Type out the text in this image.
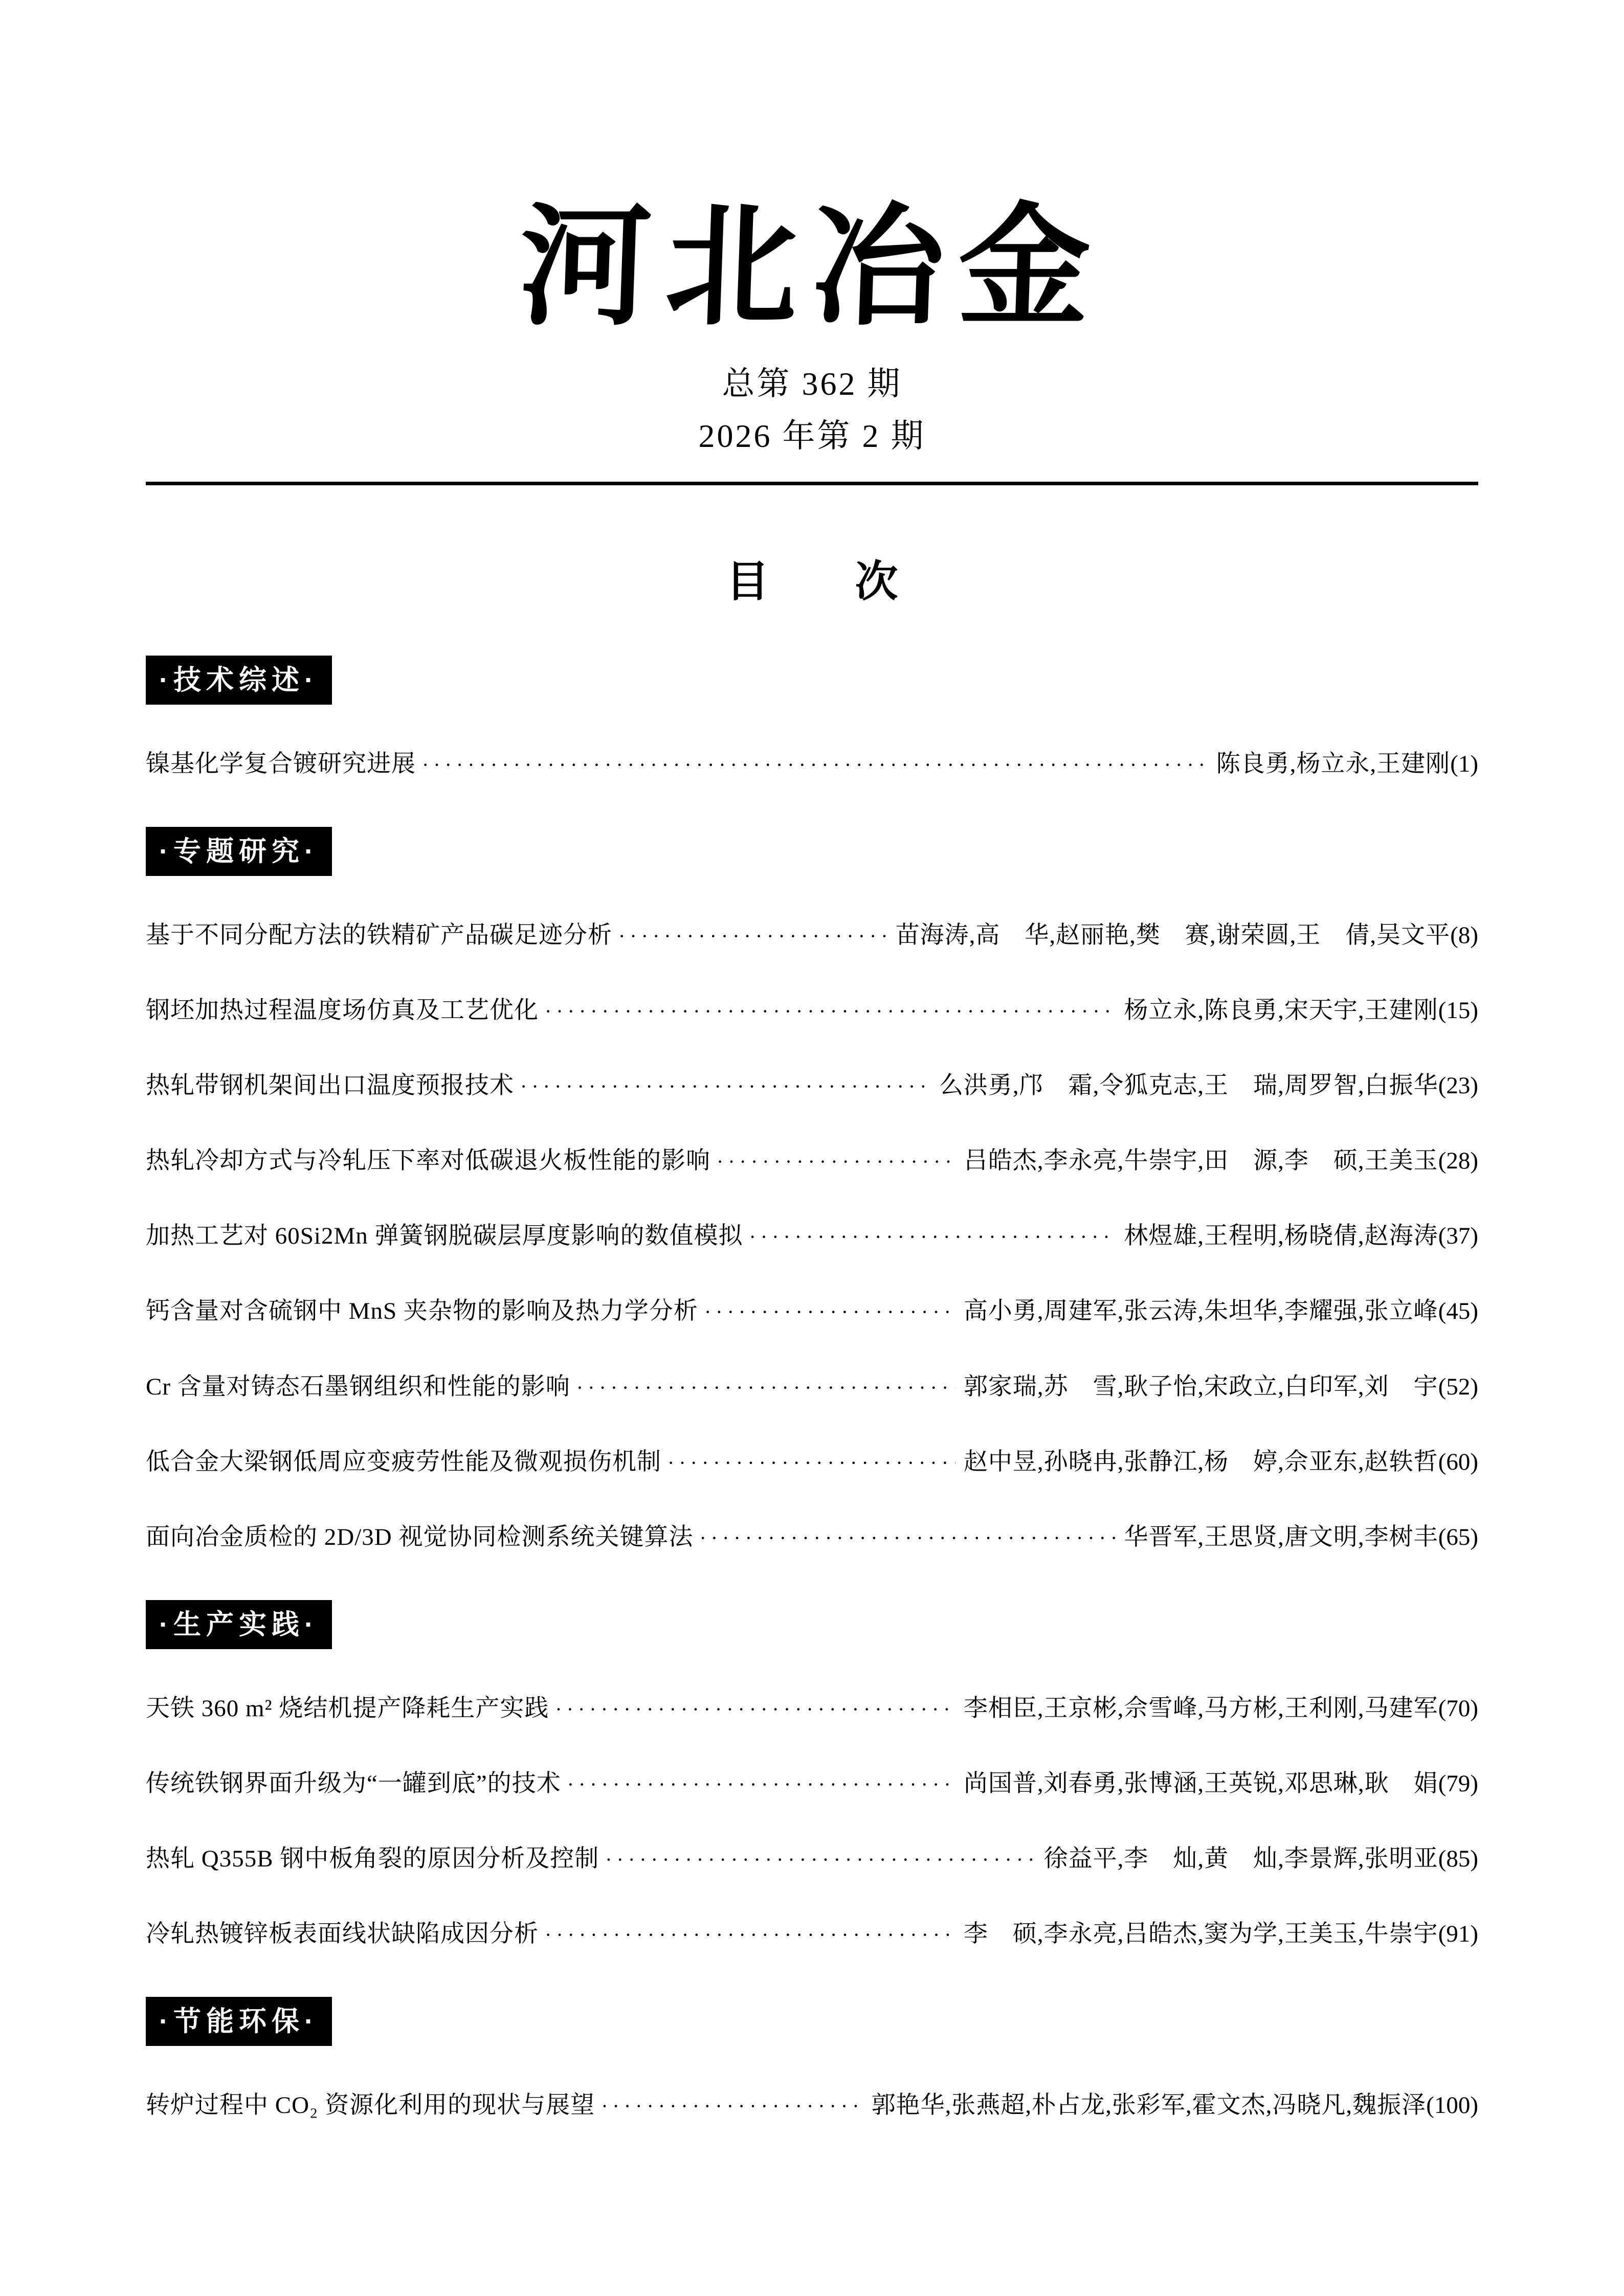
河北冶金
总第 362 期
2026 年第 2 期
目　　次
·技术综述·
镍基化学复合镀研究进展 ·····	陈良勇,杨立永,王建刚 (1)
·专题研究·
基于不同分配方法的铁精矿产品碳足迹分析 ·····	苗海涛,高　华,赵丽艳,樊　赛,谢荣圆,王　倩,吴文平 (8)
钢坯加热过程温度场仿真及工艺优化 ·····	杨立永,陈良勇,宋天宇,王建刚 (15)
热轧带钢机架间出口温度预报技术 ·····	么洪勇,邝　霜,令狐克志,王　瑞,周罗智,白振华 (23)
热轧冷却方式与冷轧压下率对低碳退火板性能的影响 ·····	吕皓杰,李永亮,牛崇宇,田　源,李　硕,王美玉 (28)
加热工艺对 60Si2Mn 弹簧钢脱碳层厚度影响的数值模拟 ·····	林煜雄,王程明,杨晓倩,赵海涛 (37)
钙含量对含硫钢中 MnS 夹杂物的影响及热力学分析 ·····	高小勇,周建军,张云涛,朱坦华,李耀强,张立峰 (45)
Cr 含量对铸态石墨钢组织和性能的影响 ·····	郭家瑞,苏　雪,耿子怡,宋政立,白印军,刘　宇 (52)
低合金大梁钢低周应变疲劳性能及微观损伤机制 ·····	赵中昱,孙晓冉,张静江,杨　婷,佘亚东,赵轶哲 (60)
面向冶金质检的 2D/3D 视觉协同检测系统关键算法 ·····	华晋军,王思贤,唐文明,李树丰 (65)
·生产实践·
天铁 360 m² 烧结机提产降耗生产实践 ·····	李相臣,王京彬,佘雪峰,马方彬,王利刚,马建军 (70)
传统铁钢界面升级为“一罐到底”的技术 ·····	尚国普,刘春勇,张博涵,王英锐,邓思琳,耿　娟 (79)
热轧 Q355B 钢中板角裂的原因分析及控制 ·····	徐益平,李　灿,黄　灿,李景辉,张明亚 (85)
冷轧热镀锌板表面线状缺陷成因分析 ·····	李　硕,李永亮,吕皓杰,窦为学,王美玉,牛崇宇 (91)
·节能环保·
转炉过程中 CO₂ 资源化利用的现状与展望 ·····	郭艳华,张燕超,朴占龙,张彩军,霍文杰,冯晓凡,魏振泽 (100)
